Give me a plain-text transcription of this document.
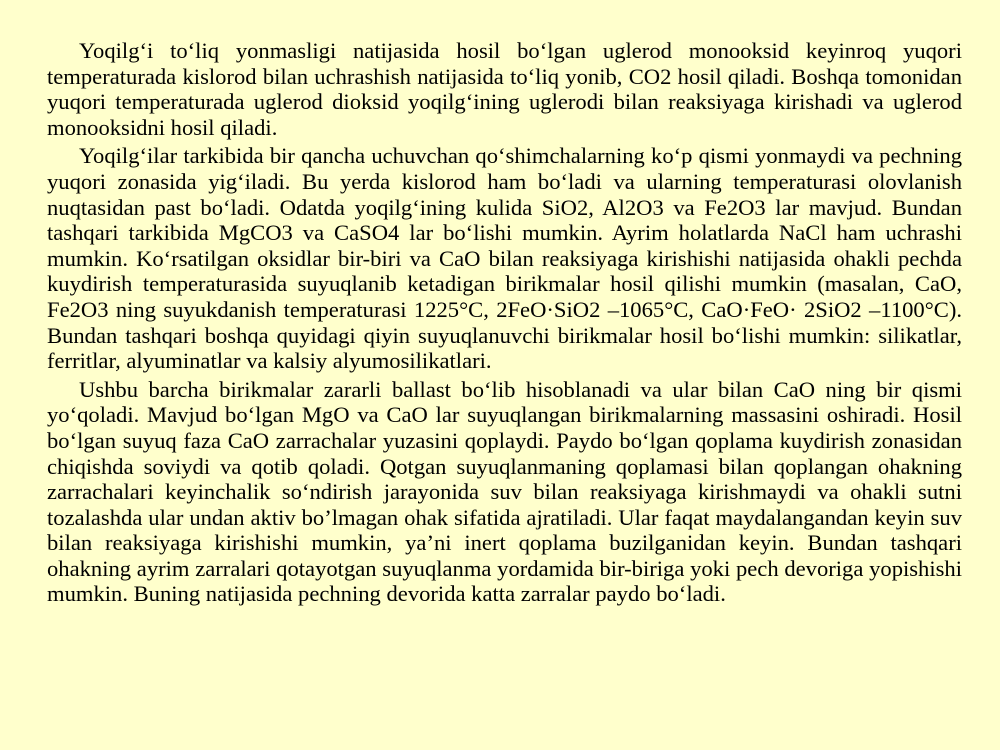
Yoqilg‘i to‘liq yonmasligi natijasida hosil bo‘lgan uglerod monooksid keyinroq yuqori temperaturada kislorod bilan uchrashish natijasida to‘liq yonib, CO2 hosil qiladi. Boshqa tomonidan yuqori temperaturada uglerod dioksid yoqilg‘ining uglerodi bilan reaksiyaga kirishadi va uglerod monooksidni hosil qiladi.

Yoqilg‘ilar tarkibida bir qancha uchuvchan qo‘shimchalarning ko‘p qismi yonmaydi va pechning yuqori zonasida yig‘iladi. Bu yerda kislorod ham bo‘ladi va ularning temperaturasi olovlanish nuqtasidan past bo‘ladi. Odatda yoqilg‘ining kulida SiO2, Al2O3 va Fe2O3 lar mavjud. Bundan tashqari tarkibida MgCO3 va CaSO4 lar bo‘lishi mumkin. Ayrim holatlarda NaCl ham uchrashi mumkin. Ko‘rsatilgan oksidlar bir-biri va CaO bilan reaksiyaga kirishishi natijasida ohakli pechda kuydirish temperaturasida suyuqlanib ketadigan birikmalar hosil qilishi mumkin (masalan, CaO, Fe2O3 ning suyukdanish temperaturasi 1225°C, 2FeO·SiO2 –1065°C, CaO·FeO· 2SiO2 –1100°C). Bundan tashqari boshqa quyidagi qiyin suyuqlanuvchi birikmalar hosil bo‘lishi mumkin: silikatlar, ferritlar, alyuminatlar va kalsiy alyumosilikatlari.

Ushbu barcha birikmalar zararli ballast bo‘lib hisoblanadi va ular bilan CaO ning bir qismi yo‘qoladi. Mavjud bo‘lgan MgO va CaO lar suyuqlangan birikmalarning massasini oshiradi. Hosil bo‘lgan suyuq faza CaO zarrachalar yuzasini qoplaydi. Paydo bo‘lgan qoplama kuydirish zonasidan chiqishda soviydi va qotib qoladi. Qotgan suyuqlanmaning qoplamasi bilan qoplangan ohakning zarrachalari keyinchalik so‘ndirish jarayonida suv bilan reaksiyaga kirishmaydi va ohakli sutni tozalashda ular undan aktiv bo’lmagan ohak sifatida ajratiladi. Ular faqat maydalangandan keyin suv bilan reaksiyaga kirishishi mumkin, ya’ni inert qoplama buzilganidan keyin. Bundan tashqari ohakning ayrim zarralari qotayotgan suyuqlanma yordamida bir-biriga yoki pech devoriga yopishishi mumkin. Buning natijasida pechning devorida katta zarralar paydo bo‘ladi.
